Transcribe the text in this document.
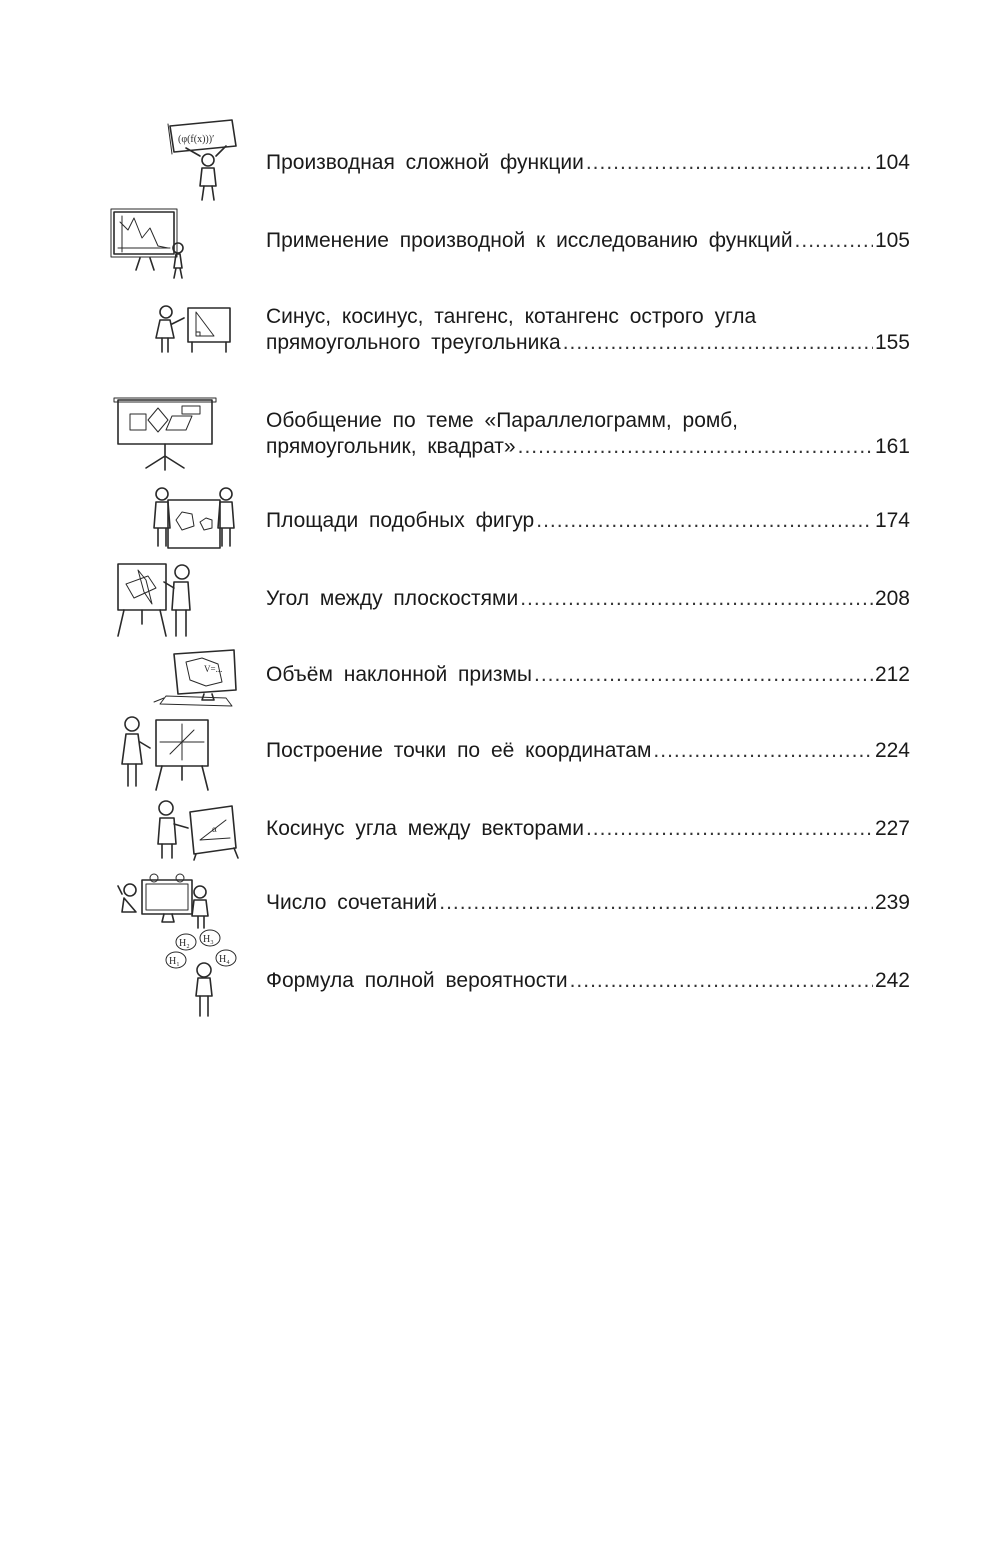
(φ(f(x)))′
Производная сложной функции .....	104
Применение производной к исследованию функций .....	105
Синус, косинус, тангенс, котангенс острого угла
прямоугольного треугольника .....	155
Обобщение по теме «Параллелограмм, ромб,
прямоугольник, квадрат» .....	161
Площади подобных фигур .....	174
Угол между плоскостями .....	208
V=... Объём наклонной призмы .....	212
Построение точки по её координатам .....	224
α Косинус угла между векторами .....	227
Число сочетаний .....	239
H₂ H₃
H₁	H₄
Формула полной вероятности .....	242
